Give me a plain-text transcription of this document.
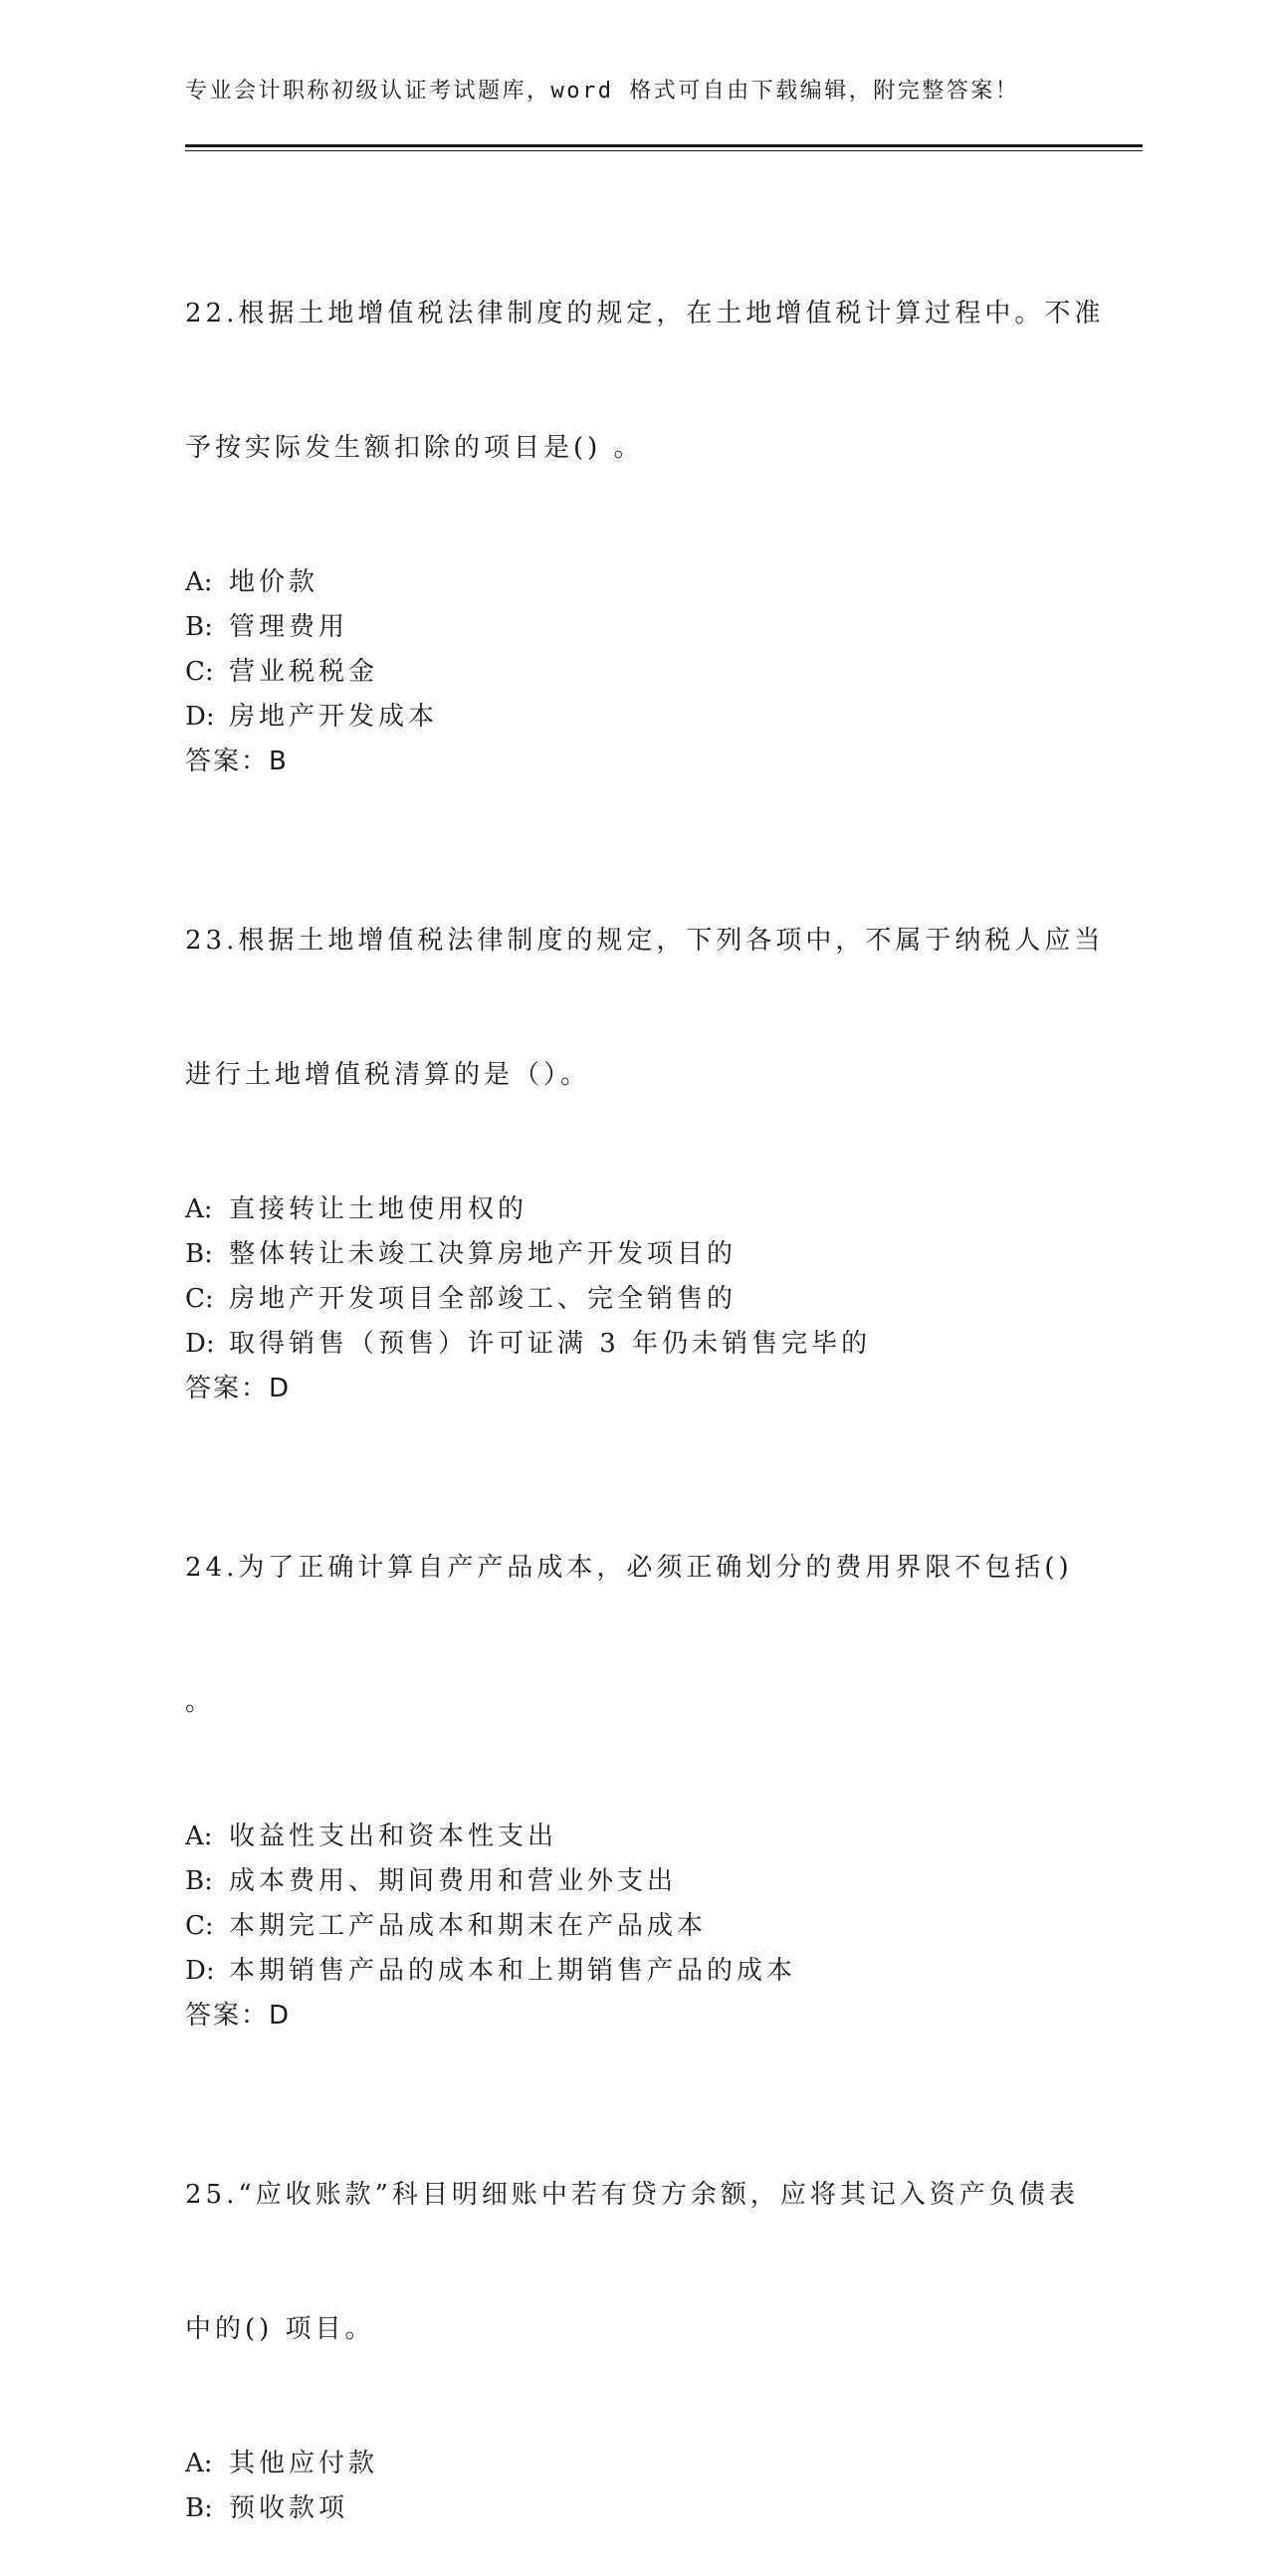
专业会计职称初级认证考试题库，word 格式可自由下载编辑，附完整答案！

22.根据土地增值税法律制度的规定，在土地增值税计算过程中。不准

予按实际发生额扣除的项目是() 。

A: 地价款
B: 管理费用
C: 营业税税金
D: 房地产开发成本
答案：B

23.根据土地增值税法律制度的规定，下列各项中，不属于纳税人应当

进行土地增值税清算的是（）。

A: 直接转让土地使用权的
B: 整体转让未竣工决算房地产开发项目的
C: 房地产开发项目全部竣工、完全销售的
D: 取得销售（预售）许可证满 3 年仍未销售完毕的
答案：D

24.为了正确计算自产产品成本，必须正确划分的费用界限不包括()

。

A: 收益性支出和资本性支出
B: 成本费用、期间费用和营业外支出
C: 本期完工产品成本和期末在产品成本
D: 本期销售产品的成本和上期销售产品的成本
答案：D

25.“应收账款”科目明细账中若有贷方余额，应将其记入资产负债表

中的() 项目。

A: 其他应付款
B: 预收款项
